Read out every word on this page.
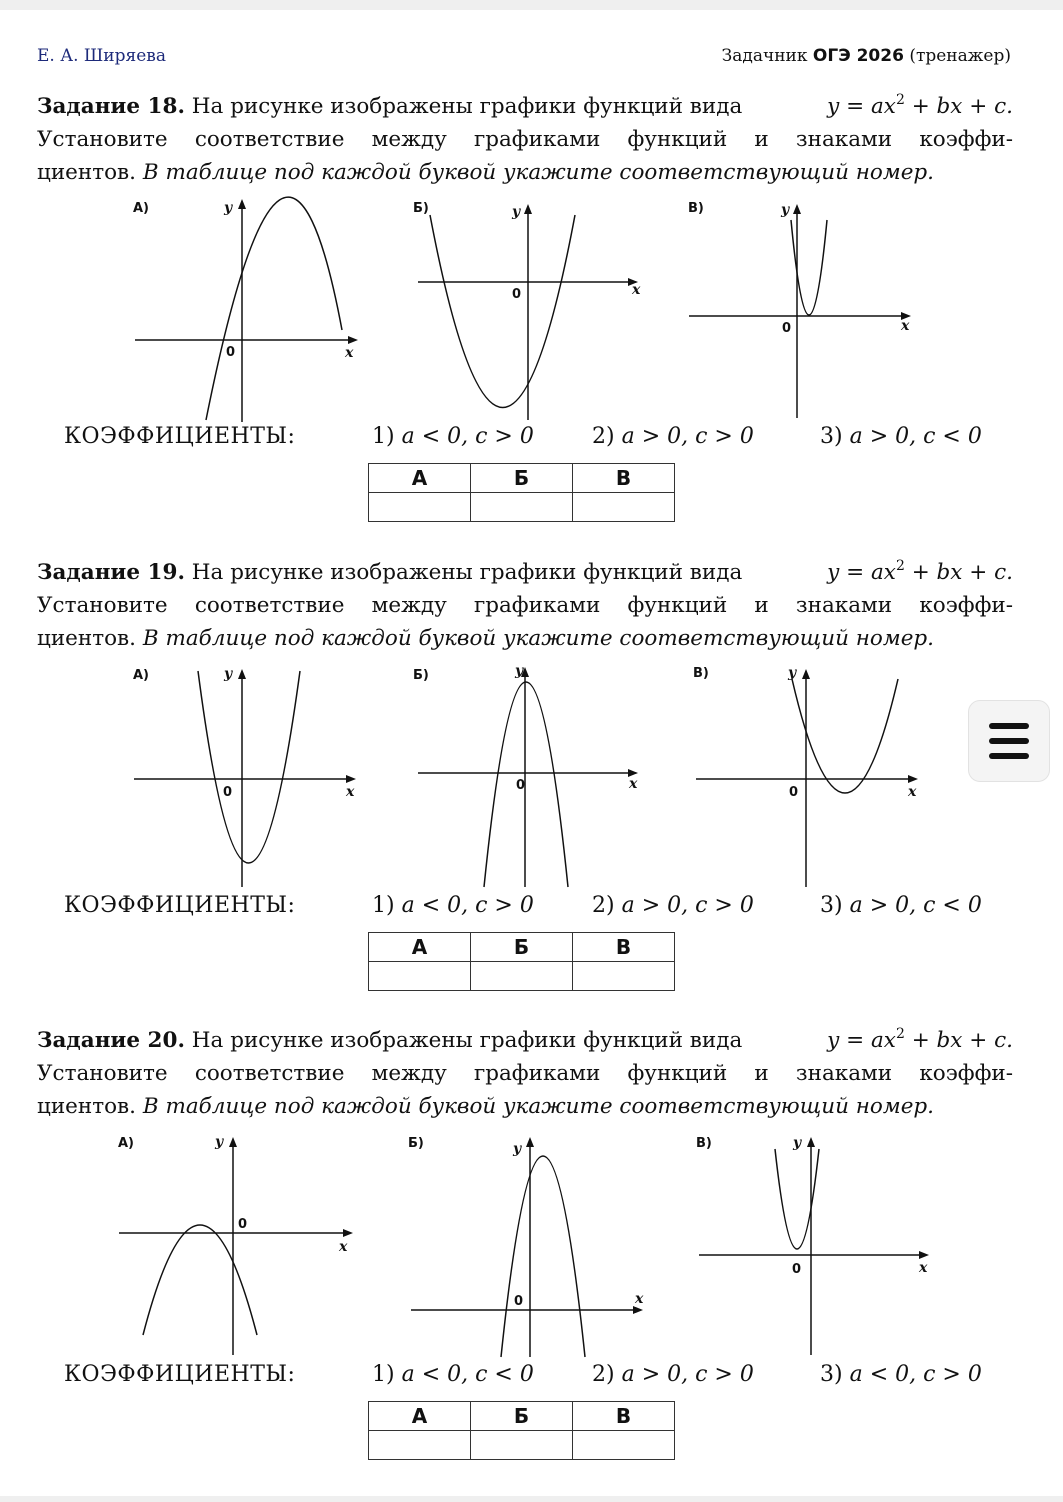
Е. А. Ширяева	Задачник ОГЭ 2026 (тренажер)

Задание 18. На рисунке изображены графики функций вида	$y = ax^2$ + bx + c.

Установите соответствие между графиками функций и знаками коэффи-

циентов. В таблице под каждой буквой укажите соответствующий номер.

А)
x
y
0
Б)
x
y
0
В)
x
y
0
КОЭФФИЦИЕНТЫ:	1) a < 0, c > 0	2) a > 0, c > 0	3) a > 0, c < 0
А	Б	В

Задание 19. На рисунке изображены графики функций вида	$y = ax^2$ + bx + c.

Установите соответствие между графиками функций и знаками коэффи-

циентов. В таблице под каждой буквой укажите соответствующий номер.

А)
x
y
0
Б)
x
y
0
В)
x
y
0
КОЭФФИЦИЕНТЫ:	1) a < 0, c > 0	2) a > 0, c > 0	3) a > 0, c < 0
А	Б	В

Задание 20. На рисунке изображены графики функций вида	$y = ax^2$ + bx + c.

Установите соответствие между графиками функций и знаками коэффи-

циентов. В таблице под каждой буквой укажите соответствующий номер.

А)
x
y
0
Б)
x
y
0
В)
x
y
0
КОЭФФИЦИЕНТЫ:	1) a < 0, c < 0	2) a > 0, c > 0	3) a < 0, c > 0
А	Б	В
